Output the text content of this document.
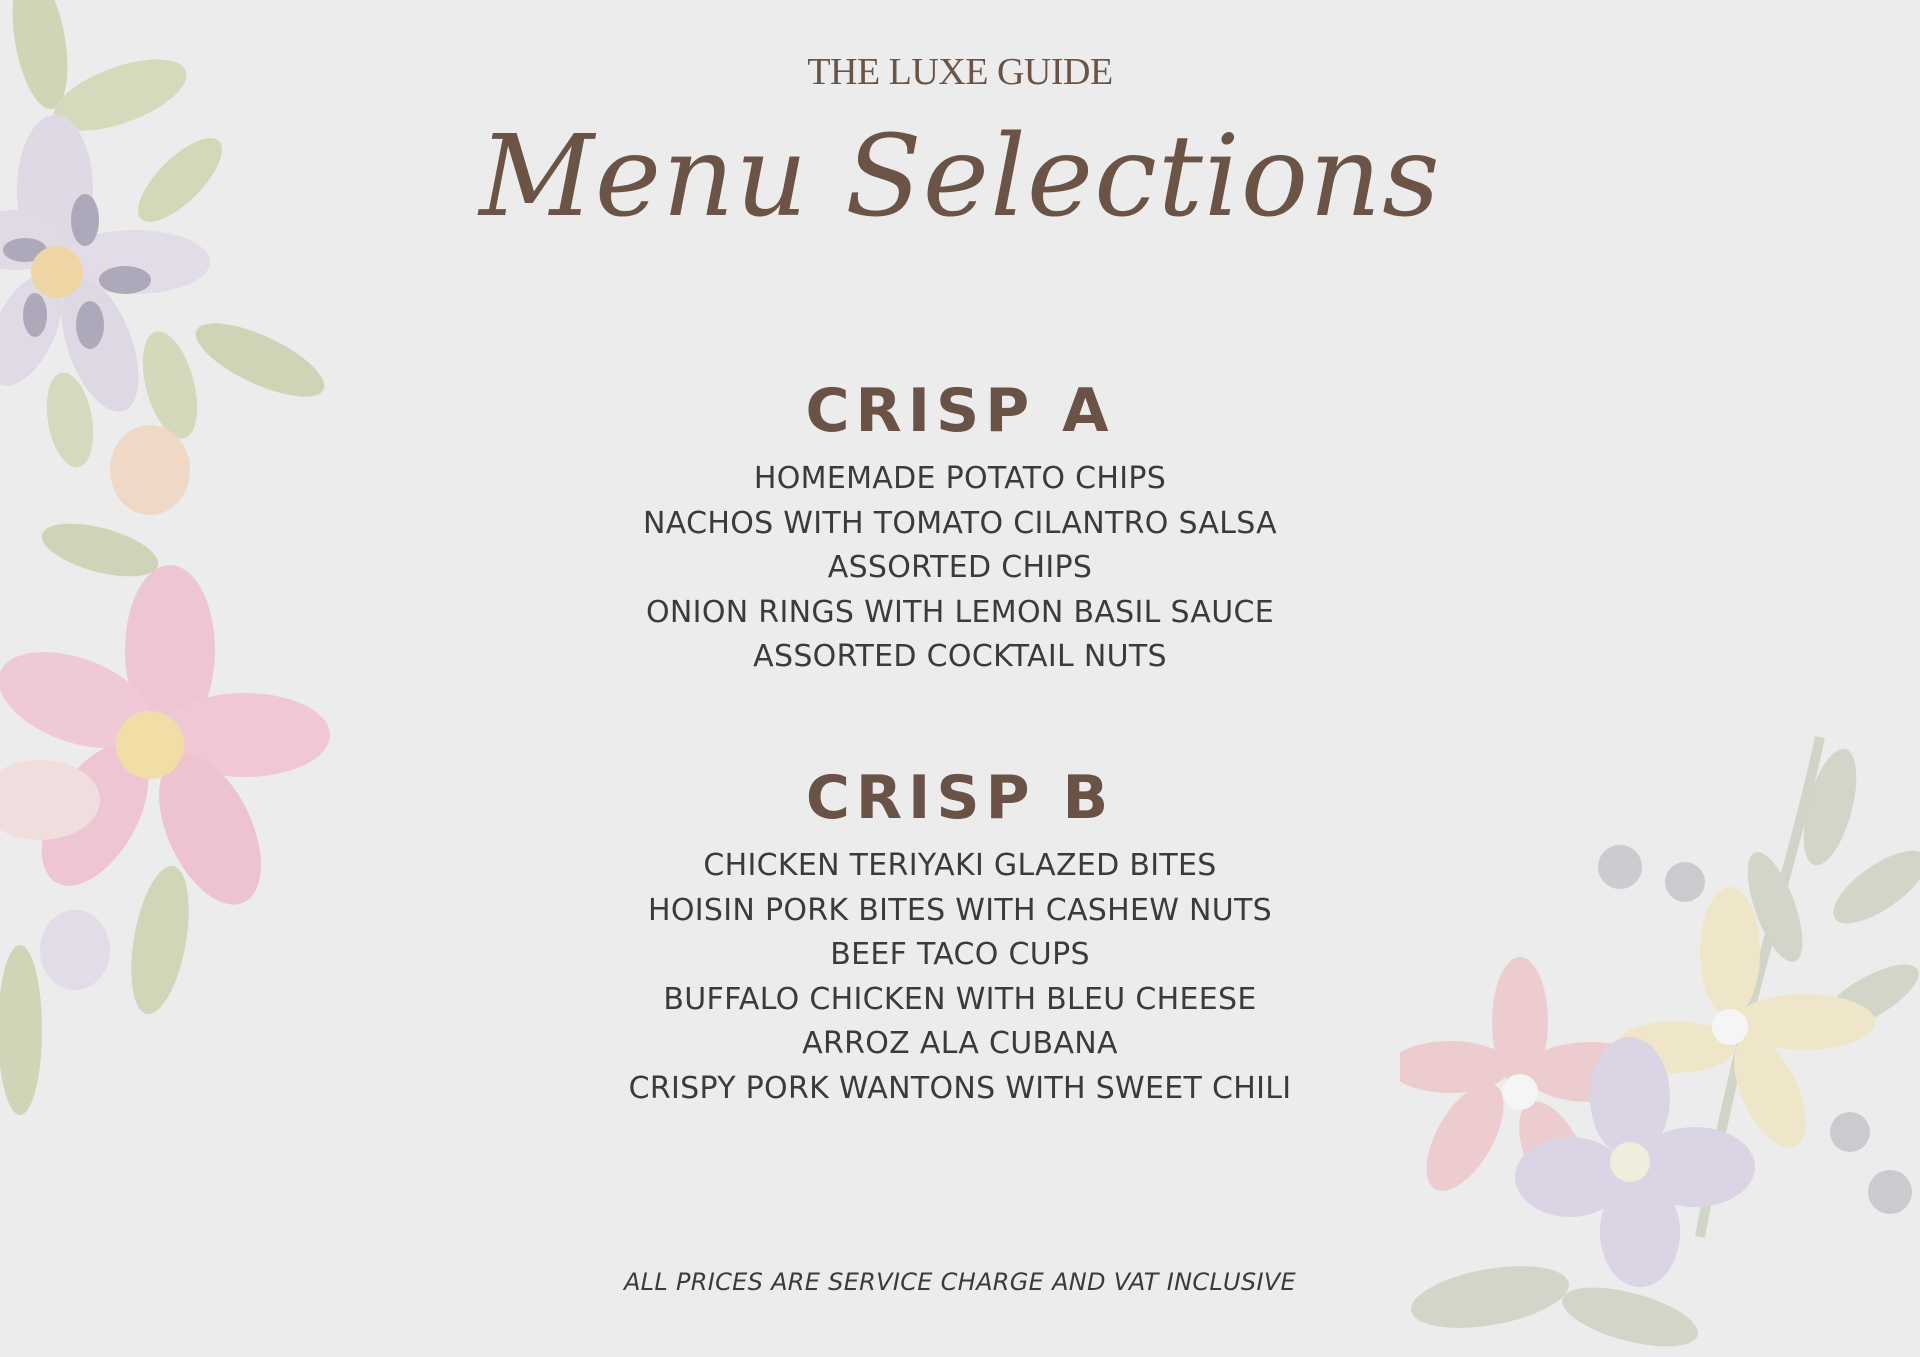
THE LUXE GUIDE
Menu Selections
CRISP A
HOMEMADE POTATO CHIPS
NACHOS WITH TOMATO CILANTRO SALSA
ASSORTED CHIPS
ONION RINGS WITH LEMON BASIL SAUCE
ASSORTED COCKTAIL NUTS
CRISP B
CHICKEN TERIYAKI GLAZED BITES
HOISIN PORK BITES WITH CASHEW NUTS
BEEF TACO CUPS
BUFFALO CHICKEN WITH BLEU CHEESE
ARROZ ALA CUBANA
CRISPY PORK WANTONS WITH SWEET CHILI
ALL PRICES ARE SERVICE CHARGE AND VAT INCLUSIVE
